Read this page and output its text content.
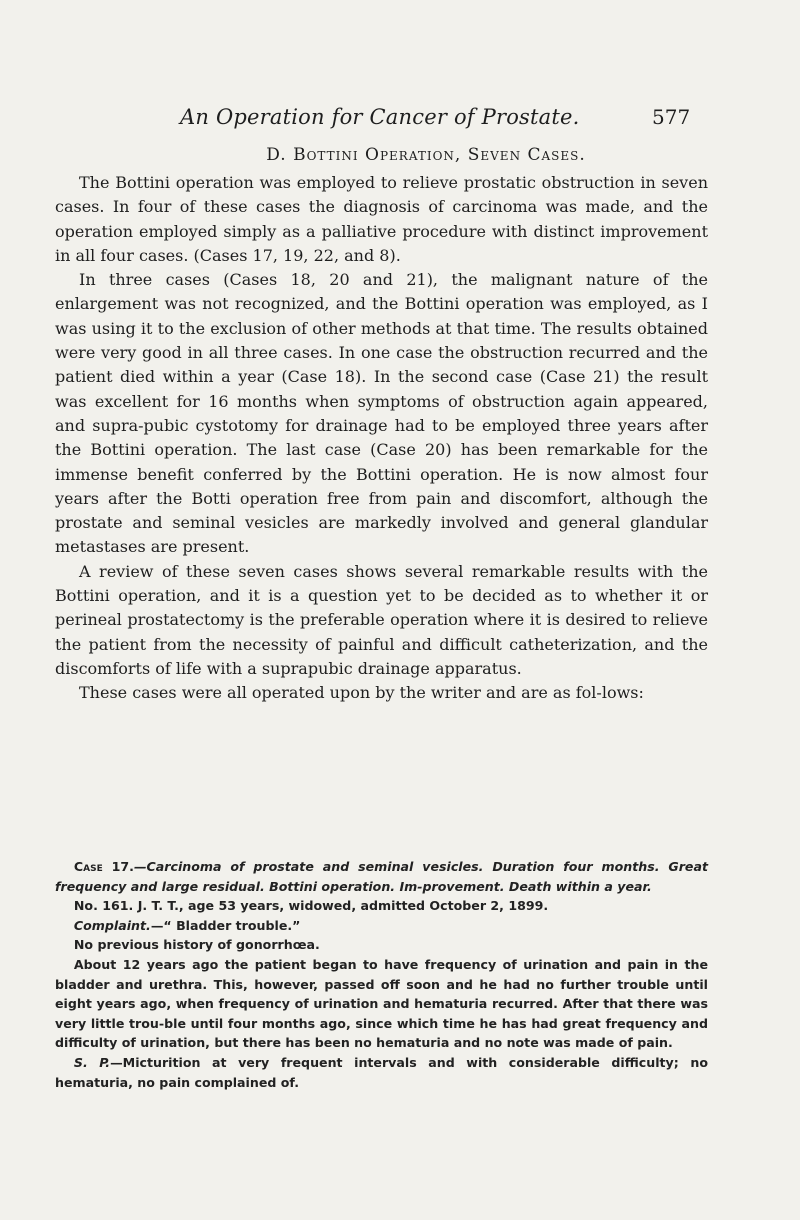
An Operation for Cancer of Prostate.	577
D. Bottini Operation, Seven Cases.

The Bottini operation was employed to relieve prostatic obstruction in seven cases. In four of these cases the diagnosis of carcinoma was made, and the operation employed simply as a palliative procedure with distinct improvement in all four cases. (Cases 17, 19, 22, and 8).

In three cases (Cases 18, 20 and 21), the malignant nature of the enlargement was not recognized, and the Bottini operation was employed, as I was using it to the exclusion of other methods at that time. The results obtained were very good in all three cases. In one case the obstruction recurred and the patient died within a year (Case 18). In the second case (Case 21) the result was excellent for 16 months when symptoms of obstruction again appeared, and supra-pubic cystotomy for drainage had to be employed three years after the Bottini operation. The last case (Case 20) has been remarkable for the immense benefit conferred by the Bottini operation. He is now almost four years after the Botti operation free from pain and discomfort, although the prostate and seminal vesicles are markedly involved and general glandular metastases are present.

A review of these seven cases shows several remarkable results with the Bottini operation, and it is a question yet to be decided as to whether it or perineal prostatectomy is the preferable operation where it is desired to relieve the patient from the necessity of painful and difficult catheterization, and the discomforts of life with a suprapubic drainage apparatus.

These cases were all operated upon by the writer and are as fol-lows:

Case 17.—Carcinoma of prostate and seminal vesicles. Duration four months. Great frequency and large residual. Bottini operation. Im-provement. Death within a year.

No. 161. J. T. T., age 53 years, widowed, admitted October 2, 1899.

Complaint.—“ Bladder trouble.”

No previous history of gonorrhœa.

About 12 years ago the patient began to have frequency of urination and pain in the bladder and urethra. This, however, passed off soon and he had no further trouble until eight years ago, when frequency of urination and hematuria recurred. After that there was very little trou-ble until four months ago, since which time he has had great frequency and difficulty of urination, but there has been no hematuria and no note was made of pain.

S. P.—Micturition at very frequent intervals and with considerable difficulty; no hematuria, no pain complained of.
